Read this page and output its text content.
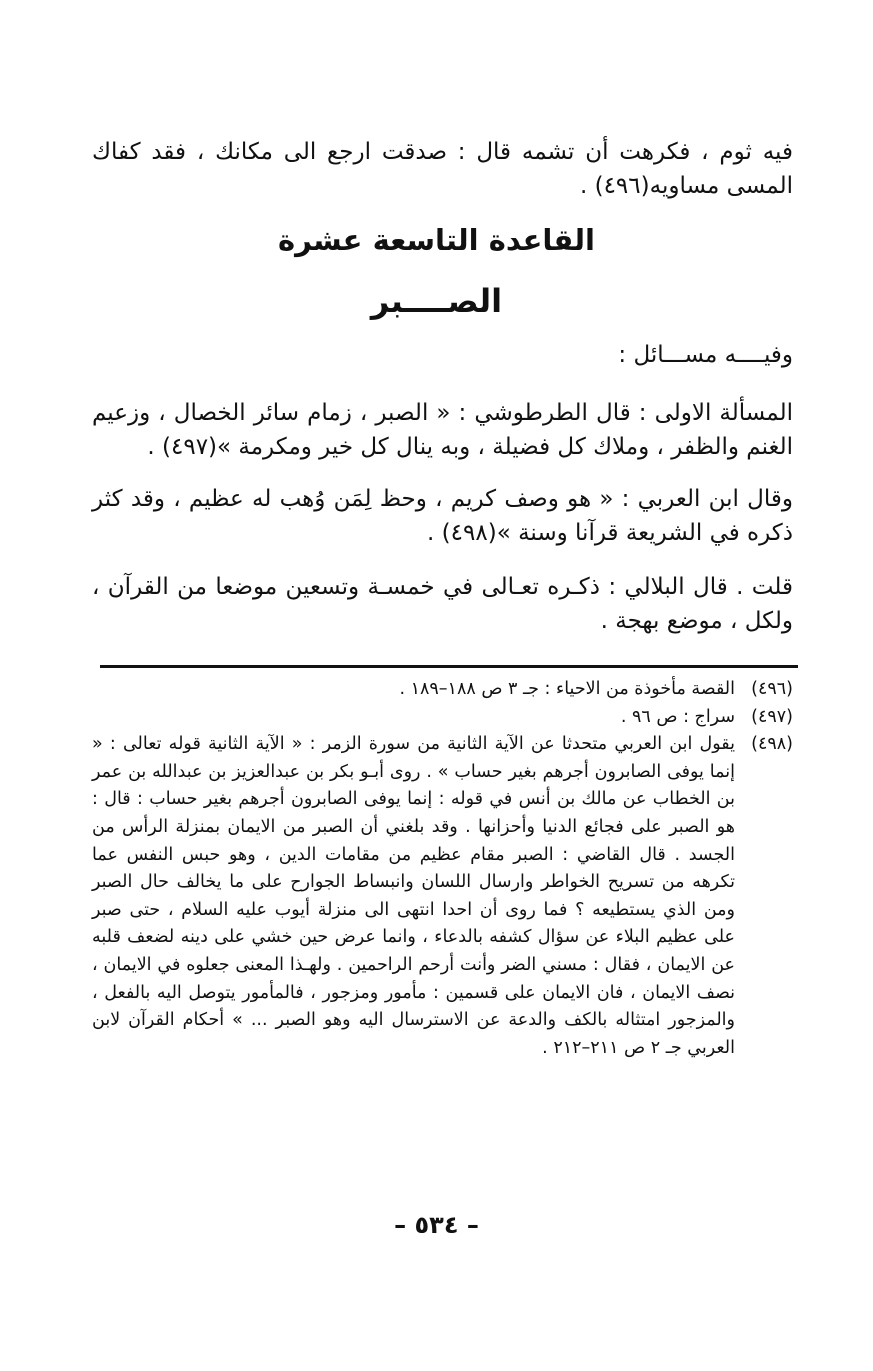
فيه ثوم ، فكرهت أن تشمه قال : صدقت ارجع الى مكانك ، فقد كفاك المسى مساويه(٤٩٦) .
القاعدة التاسعة عشرة
الصــــبر
وفيــــه مســـائل :
المسألة الاولى : قال الطرطوشي : « الصبر ، زمام سائر الخصال ، وزعيم الغنم والظفر ، وملاك كل فضيلة ، وبه ينال كل خير ومكرمة »(٤٩٧) .
وقال ابن العربي : « هو وصف كريم ، وحظ لِمَن وُهب له عظيم ، وقد كثر ذكره في الشريعة قرآنا وسنة »(٤٩٨) .
قلت . قال البلالي : ذكـره تعـالى في خمسـة وتسعين موضعا من القرآن ، ولكل ، موضع بهجة .
(٤٩٦)
القصة مأخوذة من الاحياء : جـ ٣ ص ١٨٨–١٨٩ .
(٤٩٧)
سراج : ص ٩٦ .
(٤٩٨)
يقول ابن العربي متحدثا عن الآية الثانية من سورة الزمر : « الآية الثانية قوله تعالى : « إنما يوفى الصابرون أجرهم بغير حساب » . روى أبـو بكر بن عبدالعزيز بن عبدالله بن عمر بن الخطاب عن مالك بن أنس في قوله : إنما يوفى الصابرون أجرهم بغير حساب : قال : هو الصبر على فجائع الدنيا وأحزانها . وقد بلغني أن الصبر من الايمان بمنزلة الرأس من الجسد . قال القاضي : الصبر مقام عظيم من مقامات الدين ، وهو حبس النفس عما تكرهه من تسريح الخواطر وارسال اللسان وانبساط الجوارح على ما يخالف حال الصبر ومن الذي يستطيعه ؟ فما روى أن احدا انتهى الى منزلة أيوب عليه السلام ، حتى صبر على عظيم البلاء عن سؤال كشفه بالدعاء ، وانما عرض حين خشي على دينه لضعف قلبه عن الايمان ، فقال : مسني الضر وأنت أرحم الراحمين . ولهـذا المعنى جعلوه في الايمان ، نصف الايمان ، فان الايمان على قسمين : مأمور ومزجور ، فالمأمور يتوصل اليه بالفعل ، والمزجور امتثاله بالكف والدعة عن الاسترسال اليه وهو الصبر ... » أحكام القرآن لابن العربي جـ ٢ ص ٢١١–٢١٢ .
– ٥٣٤ –
